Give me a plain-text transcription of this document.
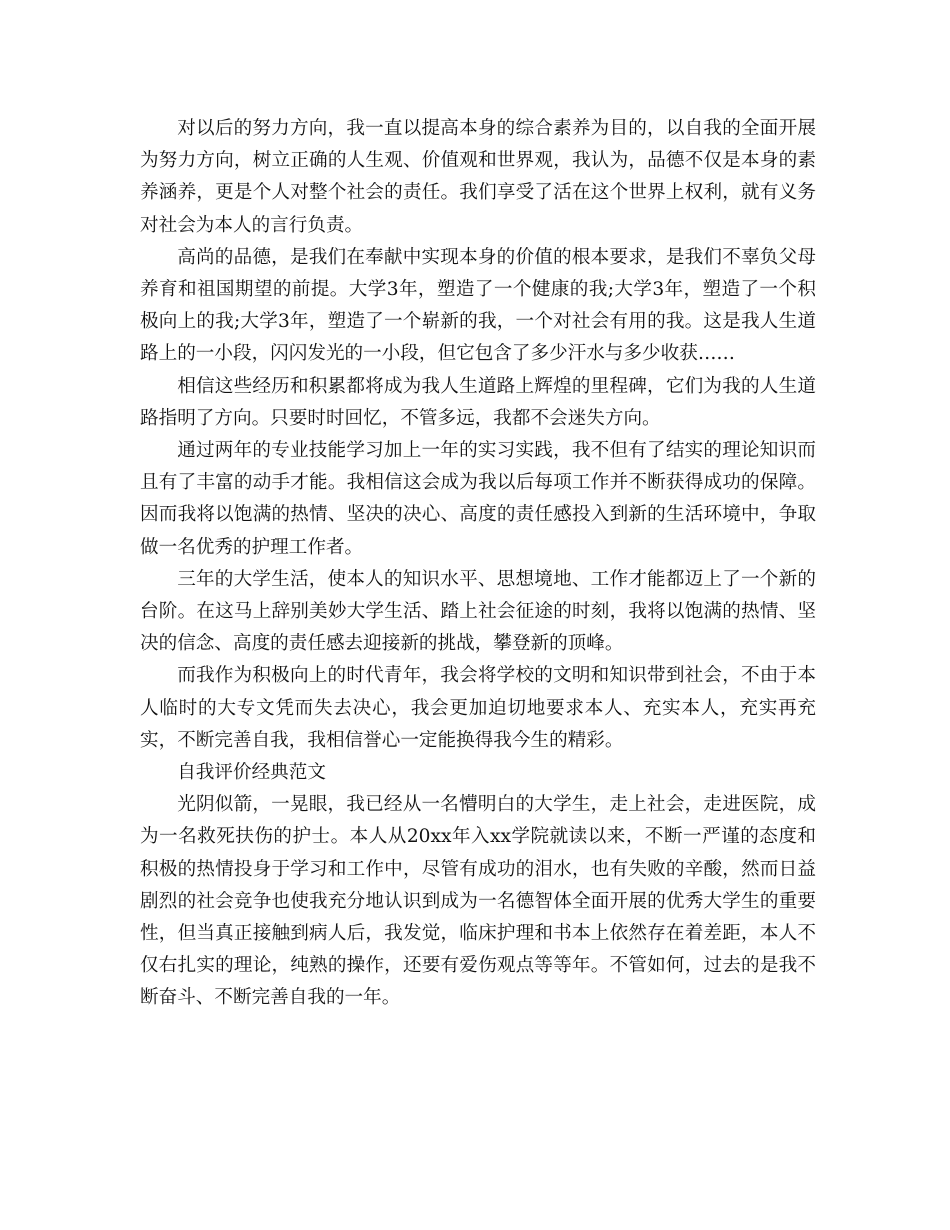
对以后的努力方向，我一直以提高本身的综合素养为目的，以自我的全面开展为努力方向，树立正确的人生观、价值观和世界观，我认为，品德不仅是本身的素养涵养，更是个人对整个社会的责任。我们享受了活在这个世界上权利，就有义务对社会为本人的言行负责。

高尚的品德，是我们在奉献中实现本身的价值的根本要求，是我们不辜负父母养育和祖国期望的前提。大学3年，塑造了一个健康的我;大学3年，塑造了一个积极向上的我;大学3年，塑造了一个崭新的我，一个对社会有用的我。这是我人生道路上的一小段，闪闪发光的一小段，但它包含了多少汗水与多少收获……

相信这些经历和积累都将成为我人生道路上辉煌的里程碑，它们为我的人生道路指明了方向。只要时时回忆，不管多远，我都不会迷失方向。

通过两年的专业技能学习加上一年的实习实践，我不但有了结实的理论知识而且有了丰富的动手才能。我相信这会成为我以后每项工作并不断获得成功的保障。因而我将以饱满的热情、坚决的决心、高度的责任感投入到新的生活环境中，争取做一名优秀的护理工作者。

三年的大学生活，使本人的知识水平、思想境地、工作才能都迈上了一个新的台阶。在这马上辞别美妙大学生活、踏上社会征途的时刻，我将以饱满的热情、坚决的信念、高度的责任感去迎接新的挑战，攀登新的顶峰。

而我作为积极向上的时代青年，我会将学校的文明和知识带到社会，不由于本人临时的大专文凭而失去决心，我会更加迫切地要求本人、充实本人，充实再充实，不断完善自我，我相信誉心一定能换得我今生的精彩。

自我评价经典范文

光阴似箭，一晃眼，我已经从一名懵明白的大学生，走上社会，走进医院，成为一名救死扶伤的护士。本人从20xx年入xx学院就读以来，不断一严谨的态度和积极的热情投身于学习和工作中，尽管有成功的泪水，也有失败的辛酸，然而日益剧烈的社会竞争也使我充分地认识到成为一名德智体全面开展的优秀大学生的重要性，但当真正接触到病人后，我发觉，临床护理和书本上依然存在着差距，本人不仅右扎实的理论，纯熟的操作，还要有爱伤观点等等年。不管如何，过去的是我不断奋斗、不断完善自我的一年。
